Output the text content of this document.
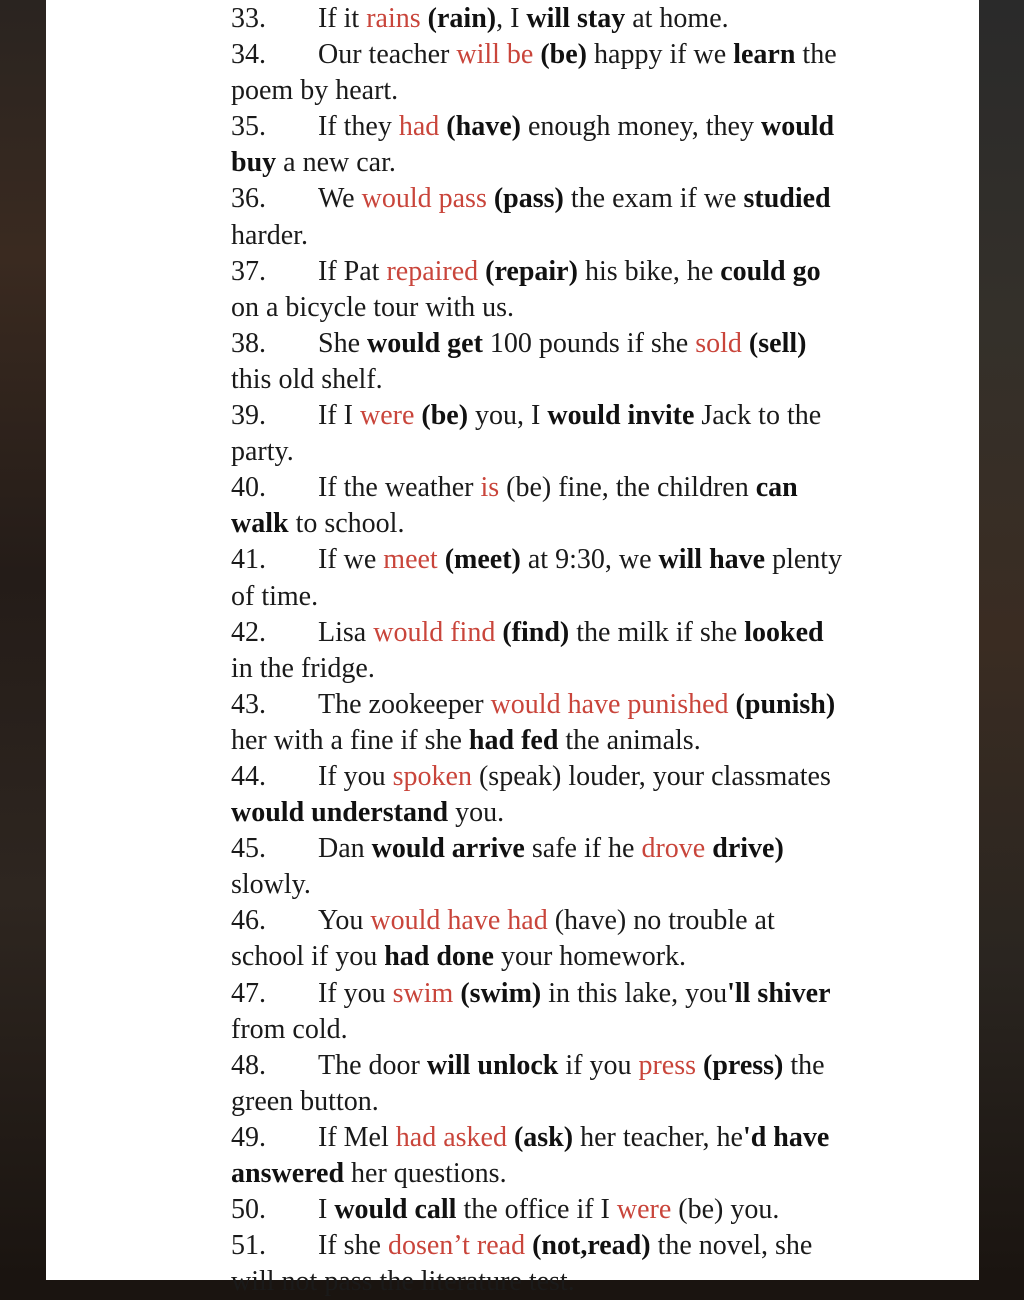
33. If it rains (rain), I will stay at home.
34. Our teacher will be (be) happy if we learn the
poem by heart.
35. If they had (have) enough money, they would
buy a new car.
36. We would pass (pass) the exam if we studied
harder.
37. If Pat repaired (repair) his bike, he could go
on a bicycle tour with us.
38. She would get 100 pounds if she sold (sell)
this old shelf.
39. If I were (be) you, I would invite Jack to the
party.
40. If the weather is (be) fine, the children can
walk to school.
41. If we meet (meet) at 9:30, we will have plenty
of time.
42. Lisa would find (find) the milk if she looked
in the fridge.
43. The zookeeper would have punished (punish)
her with a fine if she had fed the animals.
44. If you spoken (speak) louder, your classmates
would understand you.
45. Dan would arrive safe if he drove drive)
slowly.
46. You would have had (have) no trouble at
school if you had done your homework.
47. If you swim (swim) in this lake, you'll shiver
from cold.
48. The door will unlock if you press (press) the
green button.
49. If Mel had asked (ask) her teacher, he'd have
answered her questions.
50. I would call the office if I were (be) you.
51. If she dosen’t read (not,read) the novel, she
will not pass the literature test.
